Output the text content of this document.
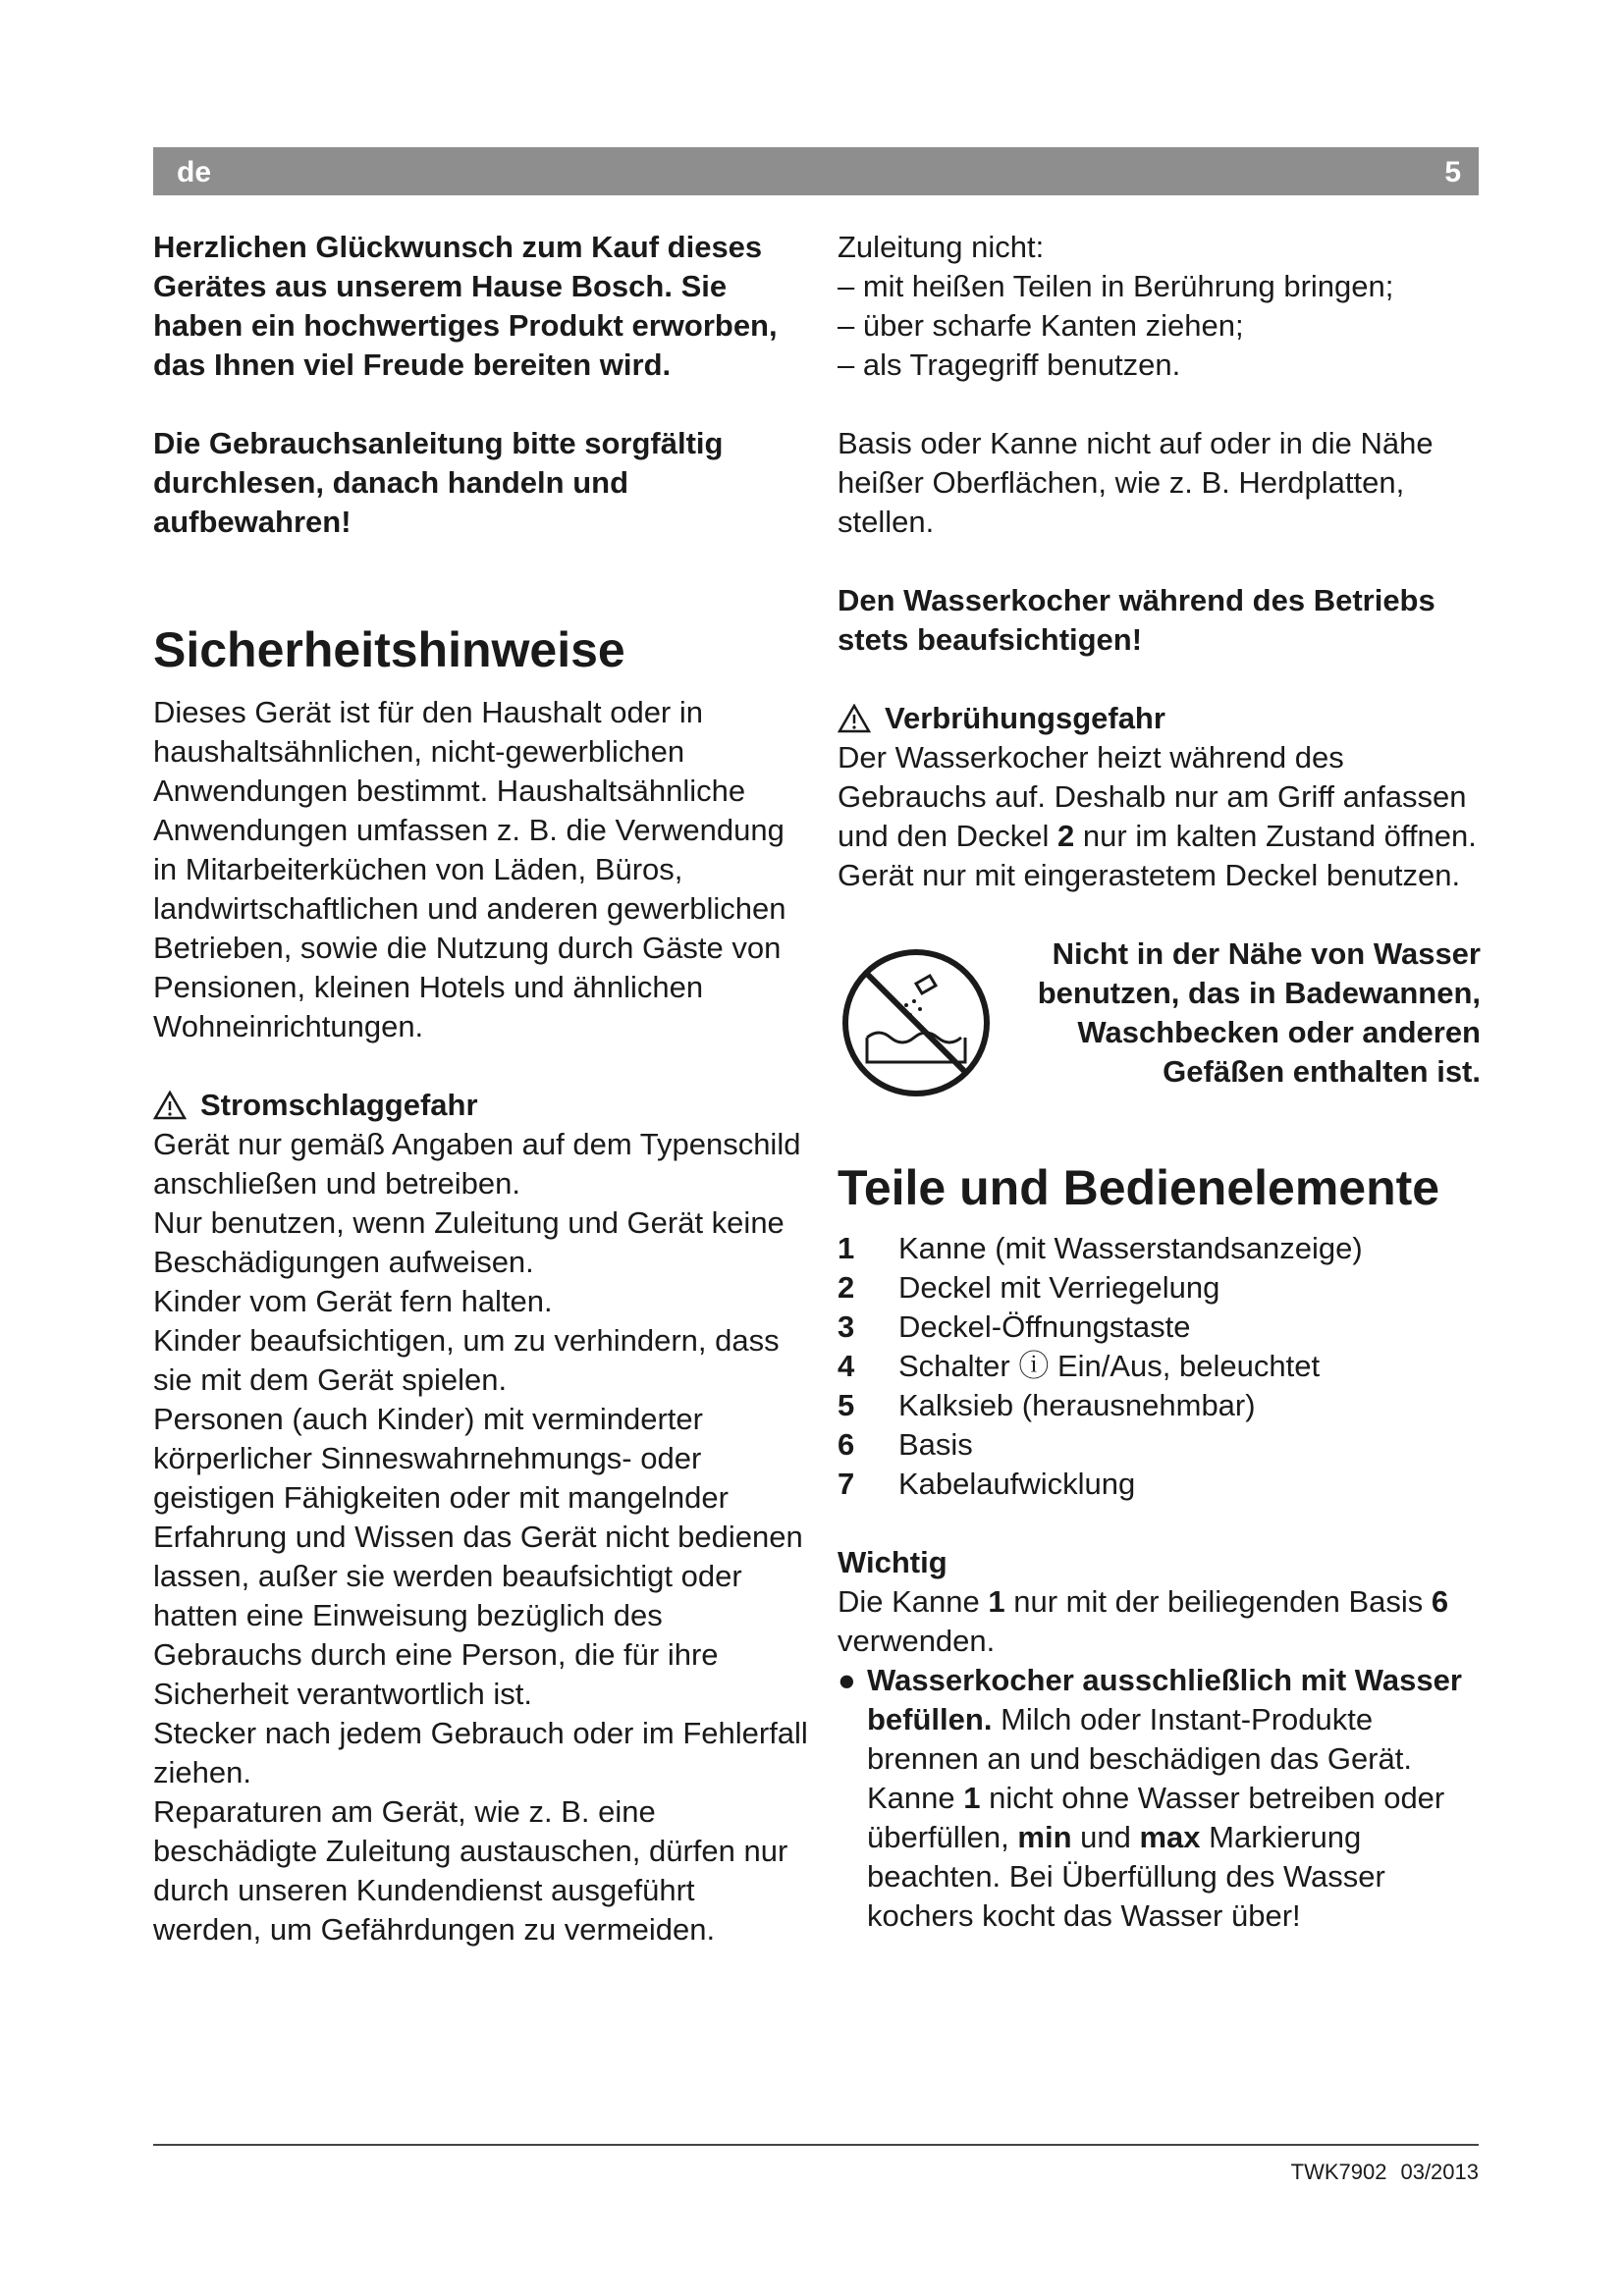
de	5

Herzlichen Glückwunsch zum Kauf dieses Gerätes aus unserem Hause Bosch. Sie haben ein hochwertiges Produkt erworben, das Ihnen viel Freude bereiten wird.

Die Gebrauchsanleitung bitte sorgfältig durchlesen, danach handeln und aufbewahren!

Sicherheitshinweise

Dieses Gerät ist für den Haushalt oder in haushaltsähnlichen, nicht-gewerblichen Anwendungen bestimmt. Haushaltsähnliche Anwendungen umfassen z. B. die Verwendung in Mitarbeiterküchen von Läden, Büros, landwirtschaftlichen und anderen gewerblichen Betrieben, sowie die Nutzung durch Gäste von Pensionen, kleinen Hotels und ähnlichen Wohneinrichtungen.

Stromschlaggefahr

Gerät nur gemäß Angaben auf dem Typenschild anschließen und betreiben.

Nur benutzen, wenn Zuleitung und Gerät keine Beschädigungen aufweisen.

Kinder vom Gerät fern halten.

Kinder beaufsichtigen, um zu verhindern, dass sie mit dem Gerät spielen.

Personen (auch Kinder) mit verminderter körperlicher Sinneswahrnehmungs- oder geistigen Fähigkeiten oder mit mangelnder Erfahrung und Wissen das Gerät nicht bedienen lassen, außer sie werden beaufsichtigt oder hatten eine Einweisung bezüglich des Gebrauchs durch eine Person, die für ihre Sicherheit verantwortlich ist.

Stecker nach jedem Gebrauch oder im Fehlerfall ziehen.

Reparaturen am Gerät, wie z. B. eine beschädigte Zuleitung austauschen, dürfen nur durch unseren Kundendienst ausgeführt werden, um Gefährdungen zu vermeiden.

Zuleitung nicht:

– mit heißen Teilen in Berührung bringen;

– über scharfe Kanten ziehen;

– als Tragegriff benutzen.

Basis oder Kanne nicht auf oder in die Nähe heißer Oberflächen, wie z. B. Herdplatten, stellen.

Den Wasserkocher während des Betriebs stets beaufsichtigen!

Verbrühungsgefahr

Der Wasserkocher heizt während des Gebrauchs auf. Deshalb nur am Griff anfassen und den Deckel 2 nur im kalten Zustand öffnen.

Gerät nur mit eingerastetem Deckel benutzen.

Nicht in der Nähe von Wasser
benutzen, das in Badewannen,
Waschbecken oder anderen
Gefäßen enthalten ist.
Teile und Bedienelemente
1	Kanne (mit Wasserstandsanzeige)
2	Deckel mit Verriegelung
3	Deckel-Öffnungstaste
4	Schalter ⓘ Ein/Aus, beleuchtet
5	Kalksieb (herausnehmbar)
6	Basis
7	Kabelaufwicklung

Wichtig

Die Kanne 1 nur mit der beiliegenden Basis 6 verwenden.

● Wasserkocher ausschließlich mit Wasser befüllen. Milch oder Instant-Produkte brennen an und beschädigen das Gerät. Kanne 1 nicht ohne Wasser betreiben oder überfüllen, min und max Markierung beachten. Bei Überfüllung des Wasser kochers kocht das Wasser über!
TWK7902 03/2013
